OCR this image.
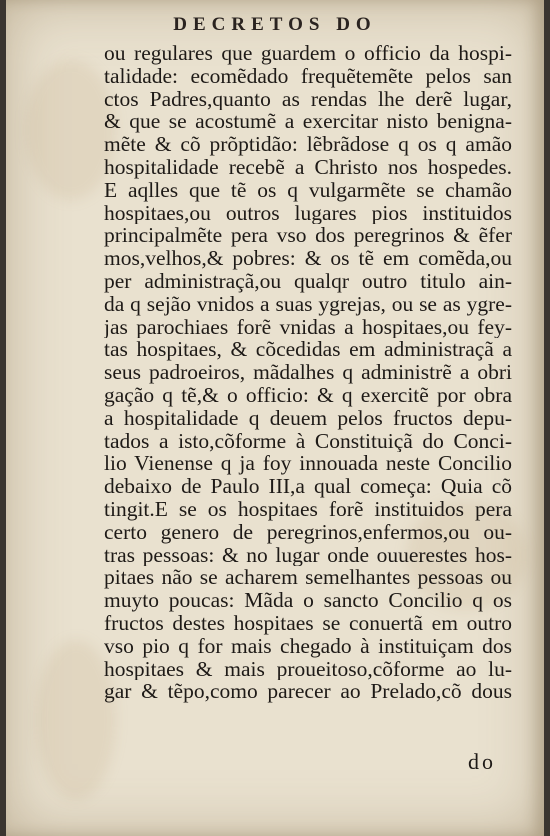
DECRETOS DO
ou regulares que guardem o officio da hospi-
talidade: ecomẽdado frequẽtemẽte pelos san
ctos Padres,quanto as rendas lhe derẽ lugar,
& que se acostumẽ a exercitar nisto benigna-
mẽte & cõ prõptidão: lẽbrãdose q os q amão
hospitalidade recebẽ a Christo nos hospedes.
E aqlles que tẽ os q vulgarmẽte se chamão
hospitaes,ou outros lugares pios instituidos
principalmẽte pera vso dos peregrinos & ẽfer
mos,velhos,& pobres: & os tẽ em comẽda,ou
per administraçã,ou qualqr outro titulo ain-
da q sejão vnidos a suas ygrejas, ou se as ygre-
jas parochiaes forẽ vnidas a hospitaes,ou fey-
tas hospitaes, & cõcedidas em administraçã a
seus padroeiros, mãdalhes q administrẽ a obri
gação q tẽ,& o officio: & q exercitẽ por obra
a hospitalidade q deuem pelos fructos depu-
tados a isto,cõforme à Constituiçã do Conci-
lio Vienense q ja foy innouada neste Concilio
debaixo de Paulo III,a qual começa: Quia cõ
tingit.E se os hospitaes forẽ instituidos pera
certo genero de peregrinos,enfermos,ou ou-
tras pessoas: & no lugar onde ouuerestes hos-
pitaes não se acharem semelhantes pessoas ou
muyto poucas: Mãda o sancto Concilio q os
fructos destes hospitaes se conuertã em outro
vso pio q for mais chegado à instituiçam dos
hospitaes & mais proueitoso,cõforme ao lu-
gar & tẽpo,como parecer ao Prelado,cõ dous
do
